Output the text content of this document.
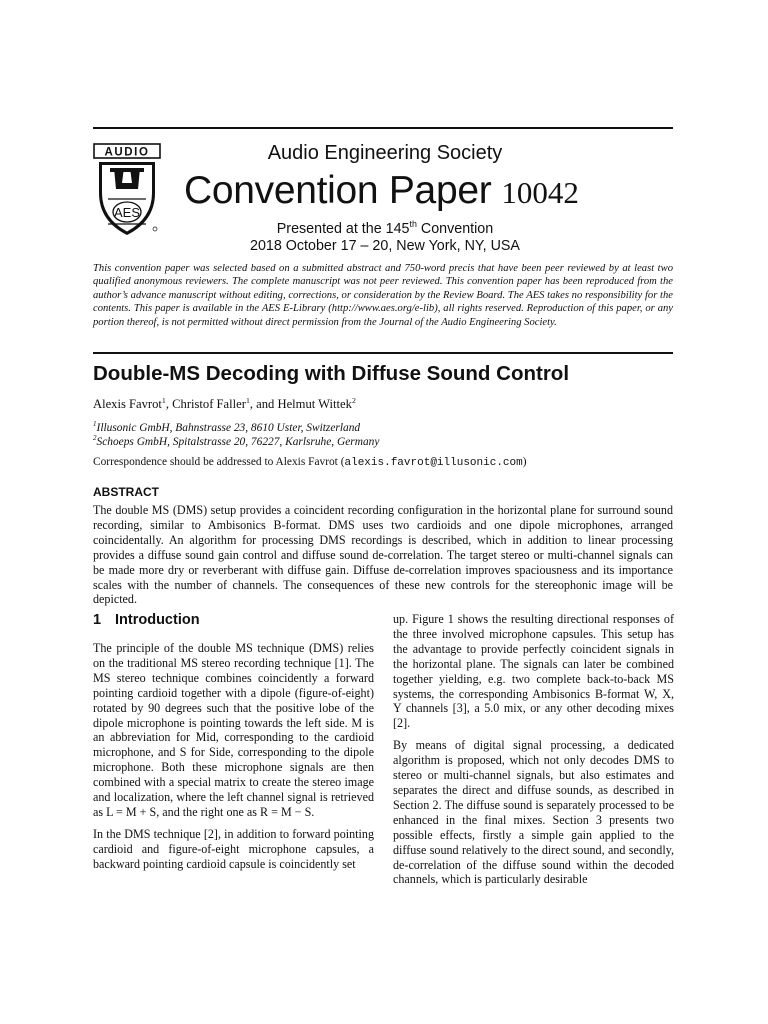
AUDIO
AES
Audio Engineering Society
Convention Paper 10042
Presented at the 145th Convention
2018 October 17 – 20, New York, NY, USA
This convention paper was selected based on a submitted abstract and 750-word precis that have been peer reviewed by at least two qualified anonymous reviewers. The complete manuscript was not peer reviewed. This convention paper has been reproduced from the author’s advance manuscript without editing, corrections, or consideration by the Review Board. The AES takes no responsibility for the contents. This paper is available in the AES E-Library (http://www.aes.org/e-lib), all rights reserved. Reproduction of this paper, or any portion thereof, is not permitted without direct permission from the Journal of the Audio Engineering Society.
Double-MS Decoding with Diffuse Sound Control
Alexis Favrot$^1$, Christof Faller$^1$, and Helmut Wittek$^2$
$^1$Illusonic GmbH, Bahnstrasse 23, 8610 Uster, Switzerland
$^2$Schoeps GmbH, Spitalstrasse 20, 76227, Karlsruhe, Germany
Correspondence should be addressed to Alexis Favrot (alexis.favrot@illusonic.com)
ABSTRACT
The double MS (DMS) setup provides a coincident recording configuration in the horizontal plane for surround sound recording, similar to Ambisonics B-format. DMS uses two cardioids and one dipole microphones, arranged coincidentally. An algorithm for processing DMS recordings is described, which in addition to linear processing provides a diffuse sound gain control and diffuse sound de-correlation. The target stereo or multi-channel signals can be made more dry or reverberant with diffuse gain. Diffuse de-correlation improves spaciousness and its importance scales with the number of channels. The consequences of these new controls for the stereophonic image will be depicted.
1 Introduction

The principle of the double MS technique (DMS) relies on the traditional MS stereo recording technique [1]. The MS stereo technique combines coincidently a forward pointing cardioid together with a dipole (figure-of-eight) rotated by 90 degrees such that the positive lobe of the dipole microphone is pointing towards the left side. M is an abbreviation for Mid, corresponding to the cardioid microphone, and S for Side, corresponding to the dipole microphone. Both these microphone signals are then combined with a special matrix to create the stereo image and localization, where the left channel signal is retrieved as L = M + S, and the right one as R = M − S.

In the DMS technique [2], in addition to forward pointing cardioid and figure-of-eight microphone capsules, a backward pointing cardioid capsule is coincidently set

up. Figure 1 shows the resulting directional responses of the three involved microphone capsules. This setup has the advantage to provide perfectly coincident signals in the horizontal plane. The signals can later be combined together yielding, e.g. two complete back-to-back MS systems, the corresponding Ambisonics B-format W, X, Y channels [3], a 5.0 mix, or any other decoding mixes [2].

By means of digital signal processing, a dedicated algorithm is proposed, which not only decodes DMS to stereo or multi-channel signals, but also estimates and separates the direct and diffuse sounds, as described in Section 2. The diffuse sound is separately processed to be enhanced in the final mixes. Section 3 presents two possible effects, firstly a simple gain applied to the diffuse sound relatively to the direct sound, and secondly, de-correlation of the diffuse sound within the decoded channels, which is particularly desirable
